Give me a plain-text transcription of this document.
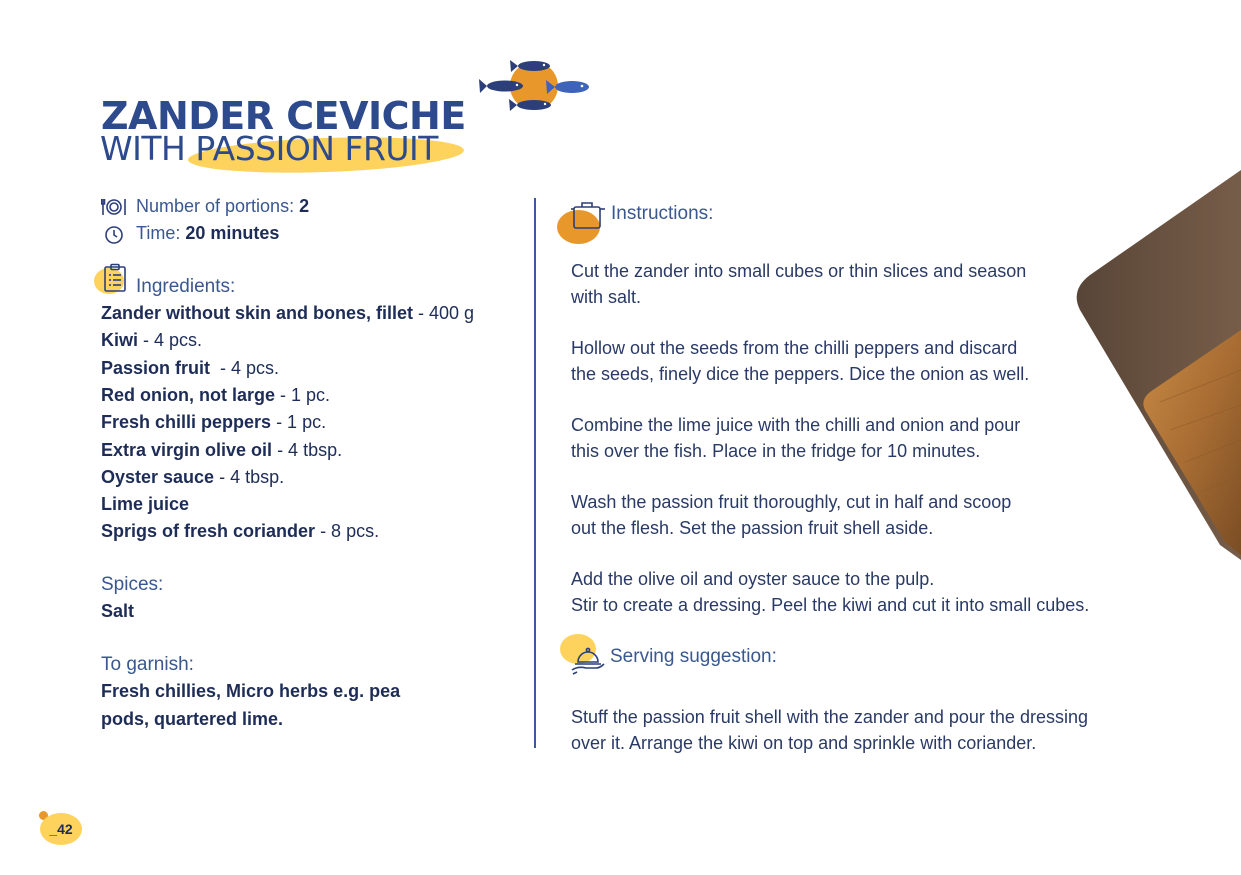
ZANDER CEVICHE
WITH PASSION FRUIT
Number of portions: 2
Time: 20 minutes
Ingredients:
Zander without skin and bones, fillet - 400 g
Kiwi - 4 pcs.
Passion fruit  - 4 pcs.
Red onion, not large - 1 pc.
Fresh chilli peppers - 1 pc.
Extra virgin olive oil - 4 tbsp.
Oyster sauce - 4 tbsp.
Lime juice
Sprigs of fresh coriander - 8 pcs.
Spices:
Salt
To garnish:
Fresh chillies, Micro herbs e.g. pea
pods, quartered lime.
Instructions:
Cut the zander into small cubes or thin slices and season
with salt.
Hollow out the seeds from the chilli peppers and discard
the seeds, finely dice the peppers. Dice the onion as well.
Combine the lime juice with the chilli and onion and pour
this over the fish. Place in the fridge for 10 minutes.
Wash the passion fruit thoroughly, cut in half and scoop
out the flesh. Set the passion fruit shell aside.
Add the olive oil and oyster sauce to the pulp.
Stir to create a dressing. Peel the kiwi and cut it into small cubes.
Serving suggestion:
Stuff the passion fruit shell with the zander and pour the dressing
over it. Arrange the kiwi on top and sprinkle with coriander.
_42
